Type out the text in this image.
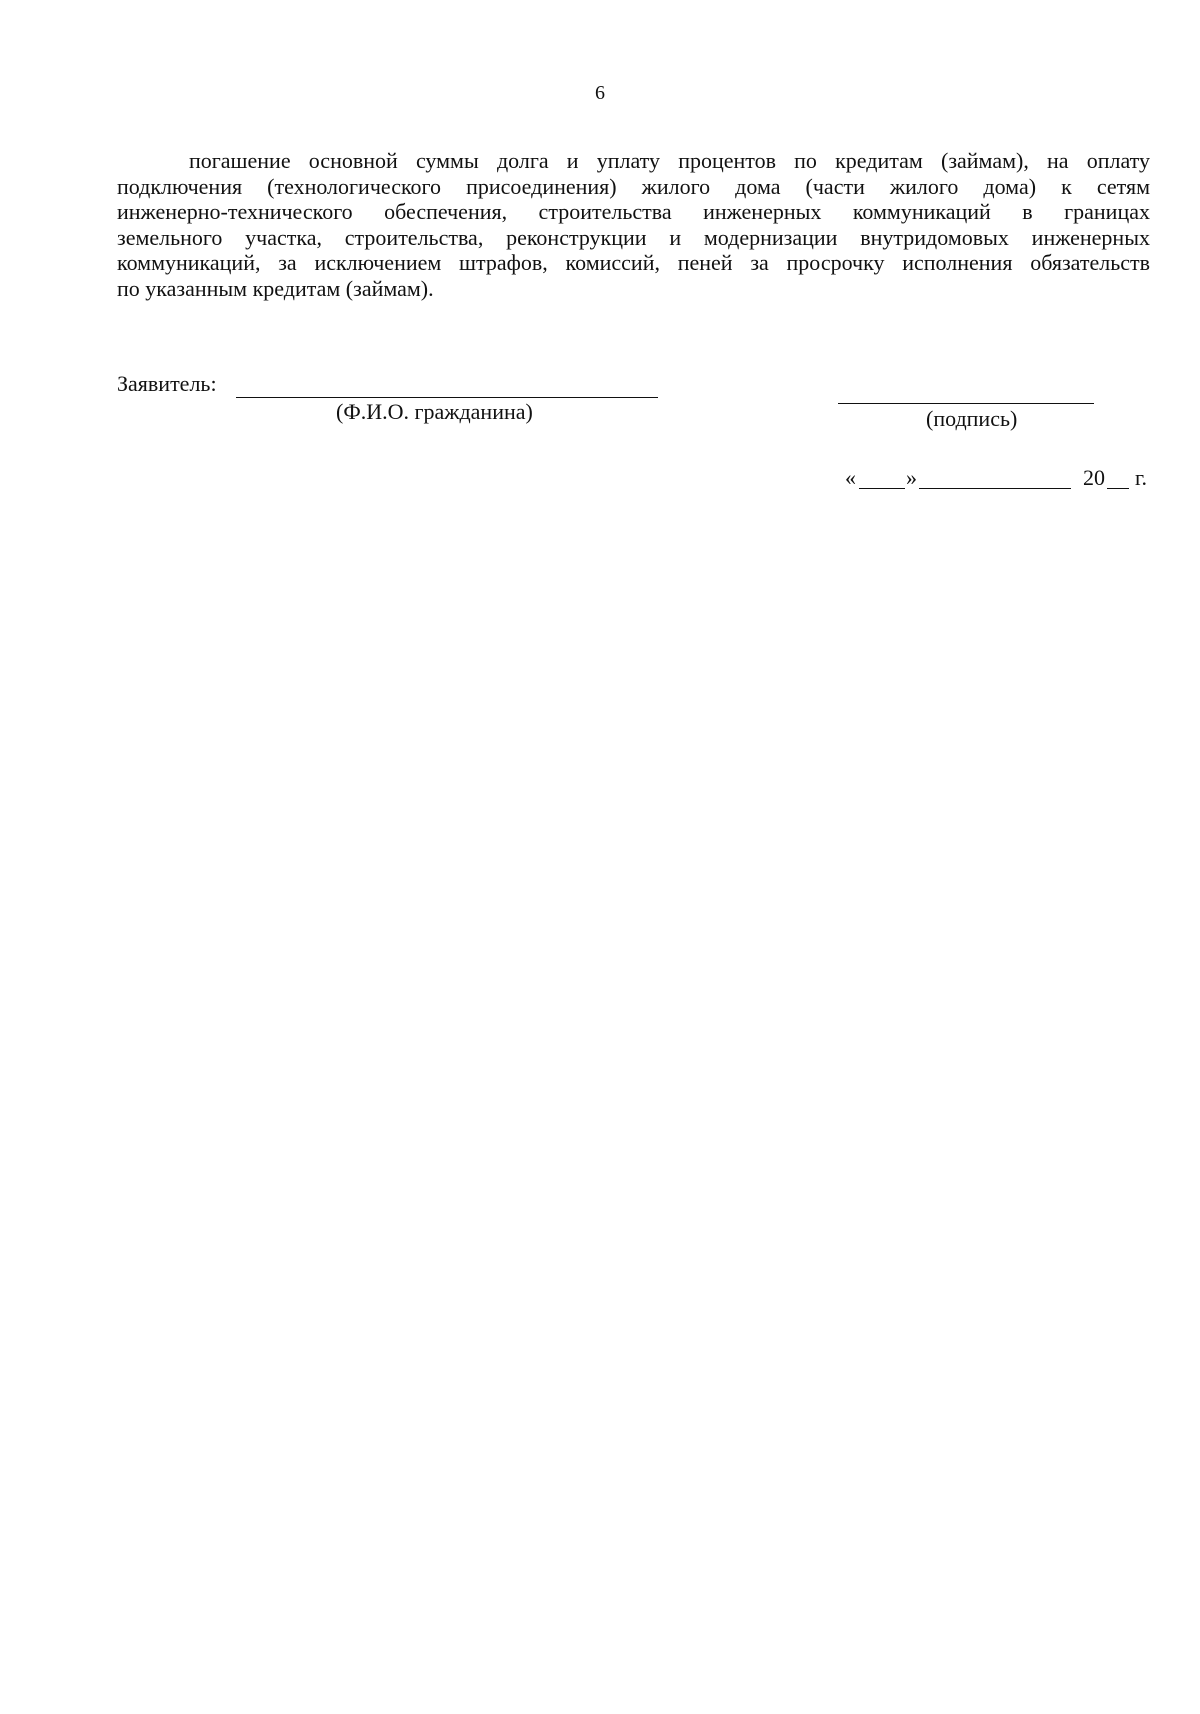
6
погашение основной суммы долга и уплату процентов по кредитам (займам), на оплату
подключения (технологического присоединения) жилого дома (части жилого дома) к сетям
инженерно-технического обеспечения, строительства инженерных коммуникаций в границах
земельного участка, строительства, реконструкции и модернизации внутридомовых инженерных
коммуникаций, за исключением штрафов, комиссий, пеней за просрочку исполнения обязательств
по указанным кредитам (займам).
Заявитель:
(Ф.И.О. гражданина)	(подпись)
« »	20 г.
